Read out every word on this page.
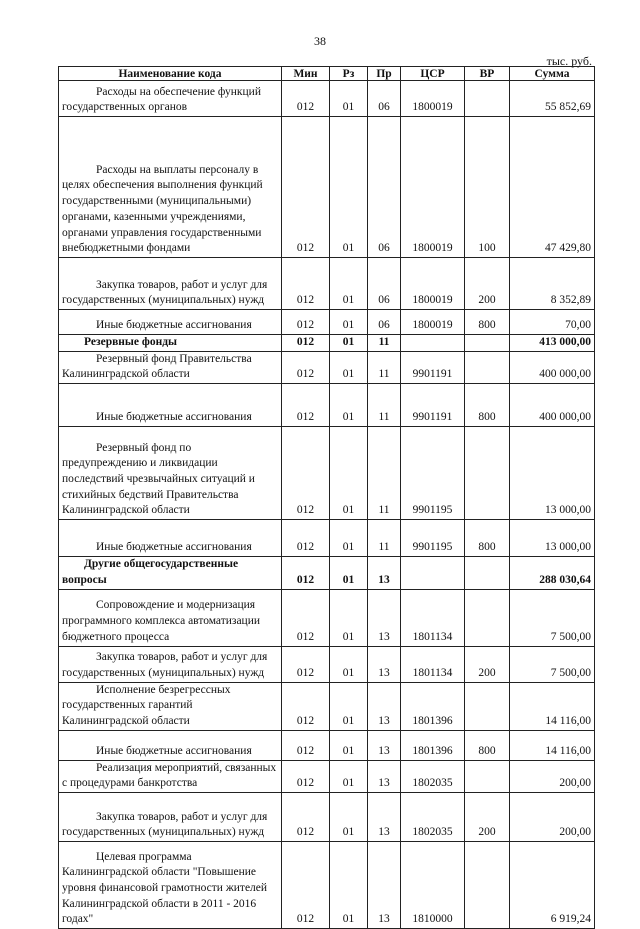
38
тыс. руб.
Наименование кода	Мин	Рз	Пр	ЦСР	ВР	Сумма

Расходы на обеспечение функций государственных органов	012	01	06	1800019		55 852,69

Расходы на выплаты персоналу в целях обеспечения выполнения функций государственными (муниципальными) органами, казенными учреждениями, органами управления государственными внебюджетными фондами	012	01	06	1800019	100	47 429,80

Закупка товаров, работ и услуг для государственных (муниципальных) нужд	012	01	06	1800019	200	8 352,89

Иные бюджетные ассигнования	012	01	06	1800019	800	70,00

Резервные фонды	012	01	11			413 000,00

Резервный фонд Правительства Калининградской области	012	01	11	9901191		400 000,00

Иные бюджетные ассигнования	012	01	11	9901191	800	400 000,00

Резервный фонд по предупреждению и ликвидации последствий чрезвычайных ситуаций и стихийных бедствий Правительства Калининградской области	012	01	11	9901195		13 000,00

Иные бюджетные ассигнования	012	01	11	9901195	800	13 000,00

Другие общегосударственные вопросы	012	01	13			288 030,64

Сопровождение и модернизация программного комплекса автоматизации бюджетного процесса	012	01	13	1801134		7 500,00

Закупка товаров, работ и услуг для государственных (муниципальных) нужд	012	01	13	1801134	200	7 500,00

Исполнение безрегрессных государственных гарантий Калининградской области	012	01	13	1801396		14 116,00

Иные бюджетные ассигнования	012	01	13	1801396	800	14 116,00

Реализация мероприятий, связанных с процедурами банкротства	012	01	13	1802035		200,00

Закупка товаров, работ и услуг для государственных (муниципальных) нужд	012	01	13	1802035	200	200,00

Целевая программа Калининградской области "Повышение уровня финансовой грамотности жителей Калининградской области в 2011 - 2016 годах"	012	01	13	1810000		6 919,24
